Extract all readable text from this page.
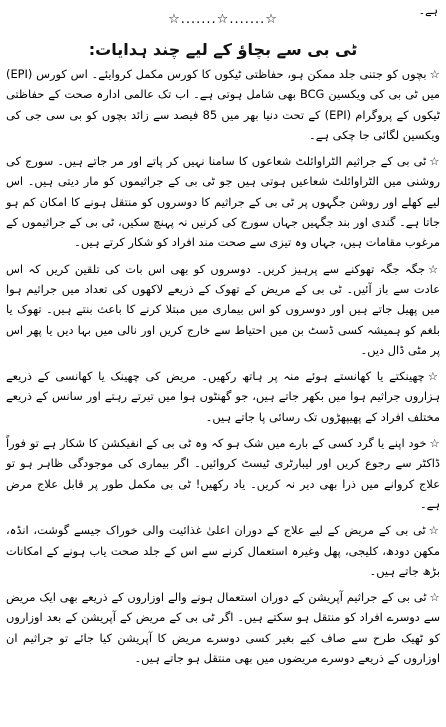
ہے۔
☆.......☆.......☆
ٹی بی سے بچاؤ کے لیے چند ہدایات:

☆بچوں کو جتنی جلد ممکن ہو، حفاظتی ٹیکوں کا کورس مکمل کروایئے۔ اس کورس (EPI) میں ٹی بی کی ویکسین BCG بھی شامل ہوتی ہے۔ اب تک عالمی ادارہ صحت کے حفاظتی ٹیکوں کے پروگرام (EPI) کے تحت دنیا بھر میں 85 فیصد سے زائد بچوں کو بی سی جی کی ویکسین لگائی جا چکی ہے۔

☆ٹی بی کے جراثیم الٹراوائلٹ شعاعوں کا سامنا نہیں کر پاتے اور مر جاتے ہیں۔ سورج کی روشنی میں الٹراوائلٹ شعاعیں ہوتی ہیں جو ٹی بی کے جراثیموں کو مار دیتی ہیں۔ اس لیے کھلے اور روشن جگہوں پر ٹی بی کے جراثیم کا دوسروں کو منتقل ہونے کا امکان کم ہو جاتا ہے۔ گندی اور بند جگہیں جہاں سورج کی کرنیں نہ پہنچ سکیں، ٹی بی کے جراثیموں کے مرغوب مقامات ہیں، جہاں وہ تیزی سے صحت مند افراد کو شکار کرتے ہیں۔

☆جگہ جگہ تھوکنے سے پرہیز کریں۔ دوسروں کو بھی اس بات کی تلقین کریں کہ اس عادت سے باز آئیں۔ ٹی بی کے مریض کے تھوک کے ذریعے لاکھوں کی تعداد میں جراثیم ہوا میں پھیل جاتے ہیں اور دوسروں کو اس بیماری میں مبتلا کرنے کا باعث بنتے ہیں۔ تھوک یا بلغم کو ہمیشہ کسی ڈسٹ بن میں احتیاط سے خارج کریں اور نالی میں بہا دیں یا پھر اس پر مٹی ڈال دیں۔

☆چھینکتے یا کھانستے ہوئے منہ پر ہاتھ رکھیں۔ مریض کی چھینک یا کھانسی کے ذریعے ہزاروں جراثیم ہوا میں بکھر جاتے ہیں، جو گھنٹوں ہوا میں تیرتے رہتے اور سانس کے ذریعے مختلف افراد کے پھیپھڑوں تک رسائی پا جاتے ہیں۔

☆خود اپنے یا گرد کسی کے بارے میں شک ہو کہ وہ ٹی بی کے انفیکشن کا شکار ہے تو فوراً ڈاکٹر سے رجوع کریں اور لیبارٹری ٹیسٹ کروائیں۔ اگر بیماری کی موجودگی ظاہر ہو تو علاج کروانے میں ذرا بھی دیر نہ کریں۔ یاد رکھیں! ٹی بی مکمل طور پر قابل علاج مرض ہے۔

☆ٹی بی کے مریض کے لیے علاج کے دوران اعلیٰ غذائیت والی خوراک جیسے گوشت، انڈہ، مکھن دودھ، کلیجی، پھل وغیرہ استعمال کرنے سے اس کے جلد صحت یاب ہونے کے امکانات بڑھ جاتے ہیں۔

☆ٹی بی کے جراثیم آپریشن کے دوران استعمال ہونے والے اوزاروں کے ذریعے بھی ایک مریض سے دوسرے افراد کو منتقل ہو سکتے ہیں۔ اگر ٹی بی کے مریض کے آپریشن کے بعد اوزاروں کو ٹھیک طرح سے صاف کیے بغیر کسی دوسرے مریض کا آپریشن کیا جائے تو جراثیم ان اوزاروں کے ذریعے دوسرے مریضوں میں بھی منتقل ہو جاتے ہیں۔
